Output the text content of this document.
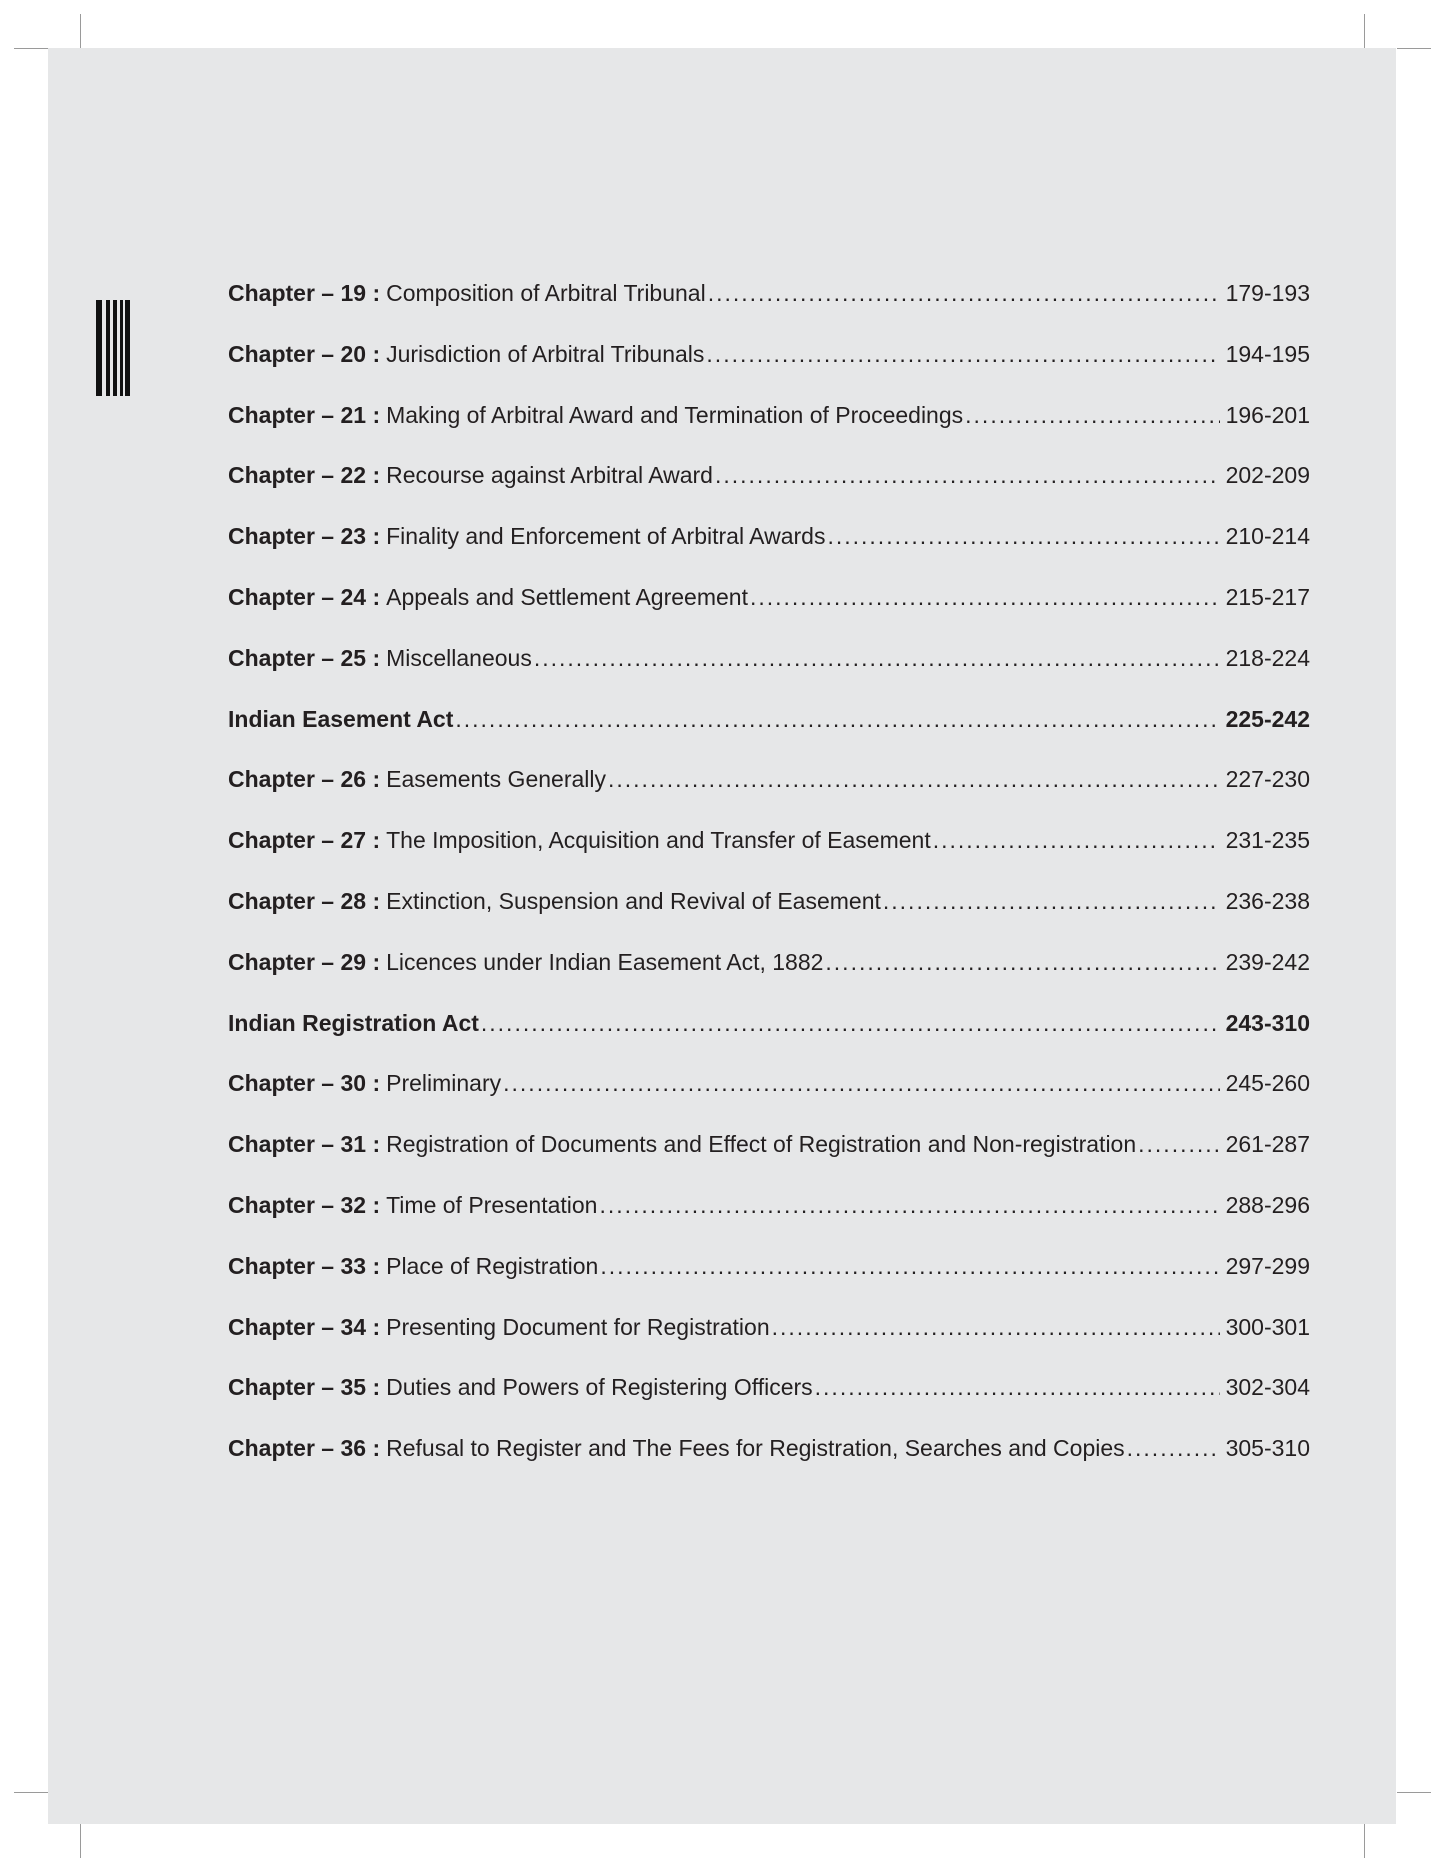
Chapter – 19 : Composition of Arbitral Tribunal .....	179-193
Chapter – 20 : Jurisdiction of Arbitral Tribunals .....	194-195
Chapter – 21 : Making of Arbitral Award and Termination of Proceedings .....	196-201
Chapter – 22 : Recourse against Arbitral Award .....	202-209
Chapter – 23 : Finality and Enforcement of Arbitral Awards .....	210-214
Chapter – 24 : Appeals and Settlement Agreement .....	215-217
Chapter – 25 : Miscellaneous .....	218-224
Indian Easement Act .....	225-242
Chapter – 26 : Easements Generally .....	227-230
Chapter – 27 : The Imposition, Acquisition and Transfer of Easement .....	231-235
Chapter – 28 : Extinction, Suspension and Revival of Easement .....	236-238
Chapter – 29 : Licences under Indian Easement Act, 1882 .....	239-242
Indian Registration Act .....	243-310
Chapter – 30 : Preliminary .....	245-260
Chapter – 31 : Registration of Documents and Effect of Registration and Non-registration .....	261-287
Chapter – 32 : Time of Presentation .....	288-296
Chapter – 33 : Place of Registration .....	297-299
Chapter – 34 : Presenting Document for Registration .....	300-301
Chapter – 35 : Duties and Powers of Registering Officers .....	302-304
Chapter – 36 : Refusal to Register and The Fees for Registration, Searches and Copies .....	305-310
